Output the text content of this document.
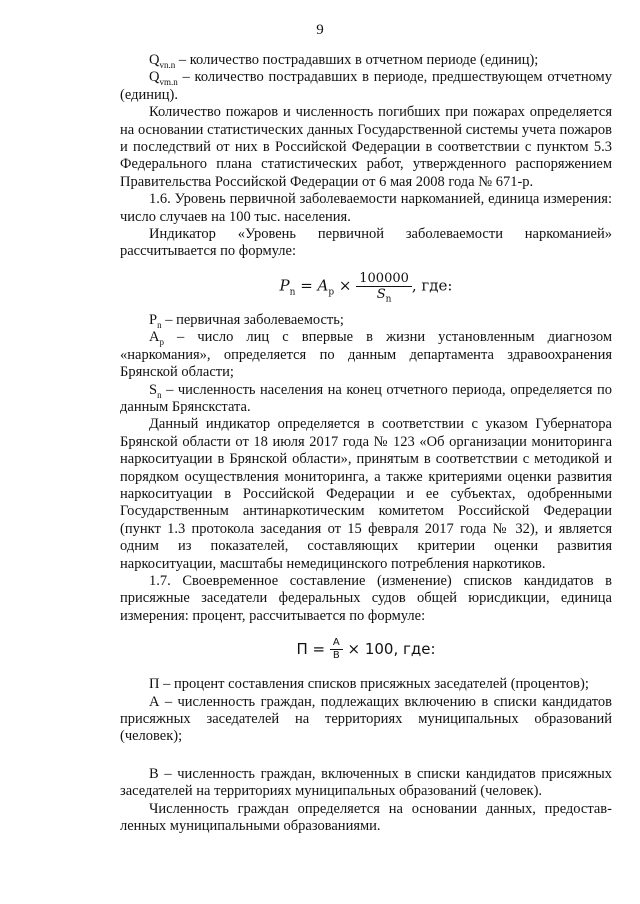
9

$Q_{vn.n}$ – количество пострадавших в отчетном периоде (единиц);

$Q_{vm.n}$ – количество пострадавших в периоде, предшествующем отчетному (единиц).

Количество пожаров и численность погибших при пожарах определяется на основании статистических данных Государственной системы учета пожаров и последствий от них в Российской Федерации в соответствии с пунктом 5.3 Федерального плана статистических работ, утвержденного распоряжением Правительства Российской Федерации от 6 мая 2008 года № 671-р.

1.6. Уровень первичной заболеваемости наркоманией, единица измерения: число случаев на 100 тыс. населения.

Индикатор «Уровень первичной заболеваемости наркоманией» рассчитывается по формуле:

$P_n = A_p \times \frac{100000}{S_n}$ , где:

$P_n$ – первичная заболеваемость;

$A_p$ – число лиц с впервые в жизни установленным диагнозом «наркомания», определяется по данным департамента здравоохранения Брянской области;

$S_n$ – численность населения на конец отчетного периода, определяется по данным Брянскстата.

Данный индикатор определяется в соответствии с указом Губернатора Брянской области от 18 июля 2017 года № 123 «Об организации мониторинга наркоситуации в Брянской области», принятым в соответствии с методикой и порядком осуществления мониторинга, а также критериями оценки развития наркоситуации в Российской Федерации и ее субъектах, одобренными Государственным антинаркотическим комитетом Российской Федерации (пункт 1.3 протокола заседания от 15 февраля 2017 года № 32), и является одним из показателей, составляющих критерии оценки развития наркоситуации, масштабы немедицинского потребления наркотиков.

1.7. Своевременное составление (изменение) списков кандидатов в присяжные заседатели федеральных судов общей юрисдикции, единица измерения: процент, рассчитывается по формуле:

$П = \frac{А}{В} \times 100$, где:

П – процент составления списков присяжных заседателей (процентов);

А – численность граждан, подлежащих включению в списки кандидатов присяжных заседателей на территориях муниципальных образований (человек);

В – численность граждан, включенных в списки кандидатов присяжных заседателей на территориях муниципальных образований (человек).

Численность граждан определяется на основании данных, предоставленных муниципальными образованиями.
